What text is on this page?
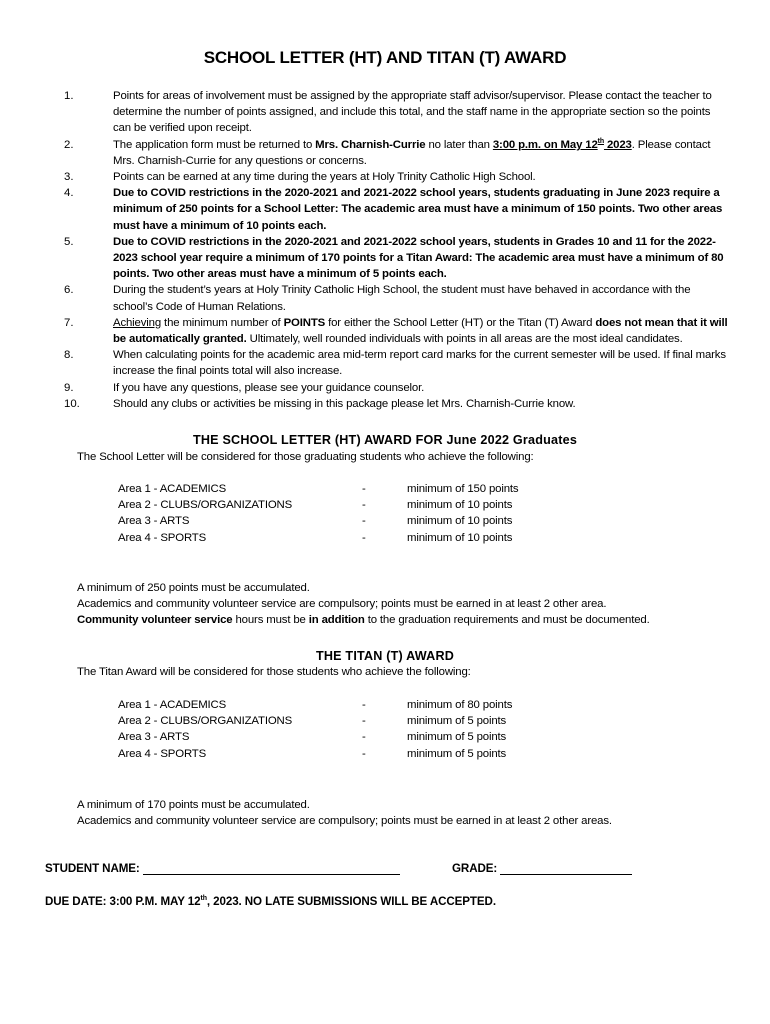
SCHOOL LETTER (HT) AND TITAN (T) AWARD
1.	Points for areas of involvement must be assigned by the appropriate staff advisor/supervisor. Please contact the teacher to determine the number of points assigned, and include this total, and the staff name in the appropriate section so the points can be verified upon receipt.
2.	The application form must be returned to Mrs. Charnish-Currie no later than 3:00 p.m. on May 12th 2023. Please contact Mrs. Charnish-Currie for any questions or concerns.
3.	Points can be earned at any time during the years at Holy Trinity Catholic High School.
4.	Due to COVID restrictions in the 2020-2021 and 2021-2022 school years, students graduating in June 2023 require a minimum of 250 points for a School Letter: The academic area must have a minimum of 150 points. Two other areas must have a minimum of 10 points each.
5.	Due to COVID restrictions in the 2020-2021 and 2021-2022 school years, students in Grades 10 and 11 for the 2022-2023 school year require a minimum of 170 points for a Titan Award: The academic area must have a minimum of 80 points. Two other areas must have a minimum of 5 points each.
6.	During the student’s years at Holy Trinity Catholic High School, the student must have behaved in accordance with the school’s Code of Human Relations.
7.	Achieving the minimum number of POINTS for either the School Letter (HT) or the Titan (T) Award does not mean that it will be automatically granted. Ultimately, well rounded individuals with points in all areas are the most ideal candidates.
8.	When calculating points for the academic area mid-term report card marks for the current semester will be used. If final marks increase the final points total will also increase.
9.	If you have any questions, please see your guidance counselor.
10.	Should any clubs or activities be missing in this package please let Mrs. Charnish-Currie know.
THE SCHOOL LETTER (HT) AWARD FOR June 2022 Graduates
The School Letter will be considered for those graduating students who achieve the following:
Area 1 - ACADEMICS	-	minimum of 150 points
Area 2 - CLUBS/ORGANIZATIONS	-	minimum of 10 points
Area 3 - ARTS	-	minimum of 10 points
Area 4 - SPORTS	-	minimum of 10 points
A minimum of 250 points must be accumulated.
Academics and community volunteer service are compulsory; points must be earned in at least 2 other area.
Community volunteer service hours must be in addition to the graduation requirements and must be documented.
THE TITAN (T) AWARD
The Titan Award will be considered for those students who achieve the following:
Area 1 - ACADEMICS	-	minimum of 80 points
Area 2 - CLUBS/ORGANIZATIONS	-	minimum of 5 points
Area 3 - ARTS	-	minimum of 5 points
Area 4 - SPORTS	-	minimum of 5 points
A minimum of 170 points must be accumulated.
Academics and community volunteer service are compulsory; points must be earned in at least 2 other areas.
STUDENT NAME:	GRADE:
DUE DATE: 3:00 P.M. MAY 12th, 2023. NO LATE SUBMISSIONS WILL BE ACCEPTED.
